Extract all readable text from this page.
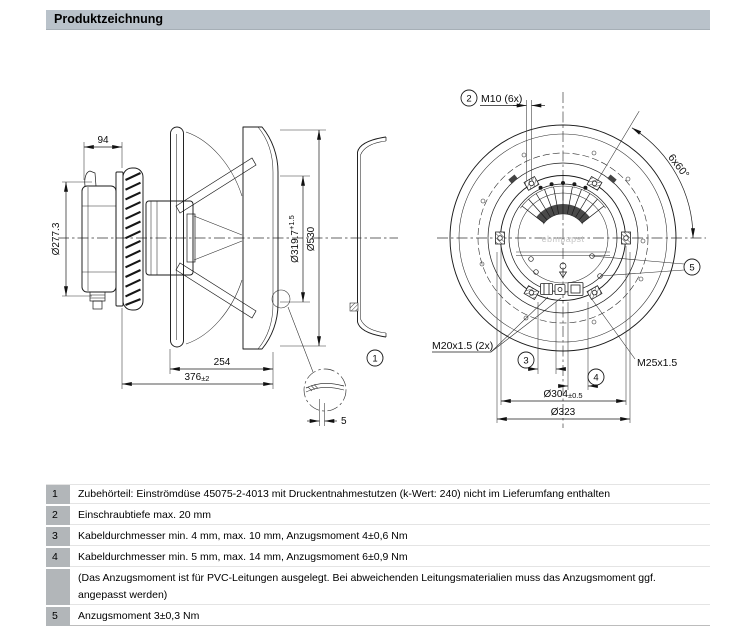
Produktzeichnung
94
Ø277.3	$Ø319.7^{+1.5}$
Ø530
254
376±2
5
1
ebmpapst
2 M10 (6x)
6x60°
5
M20x1.5 (2x)
M25x1.5
3
4
Ø304±0.5
Ø323
1	Zubehörteil: Einströmdüse 45075-2-4013 mit Druckentnahmestutzen (k-Wert: 240) nicht im Lieferumfang enthalten
2	Einschraubtiefe max. 20 mm
3	Kabeldurchmesser min. 4 mm, max. 10 mm, Anzugsmoment 4±0,6 Nm
4	Kabeldurchmesser min. 5 mm, max. 14 mm, Anzugsmoment 6±0,9 Nm
(Das Anzugsmoment ist für PVC-Leitungen ausgelegt. Bei abweichenden Leitungsmaterialien muss das Anzugsmoment ggf.
angepasst werden)
5	Anzugsmoment 3±0,3 Nm
